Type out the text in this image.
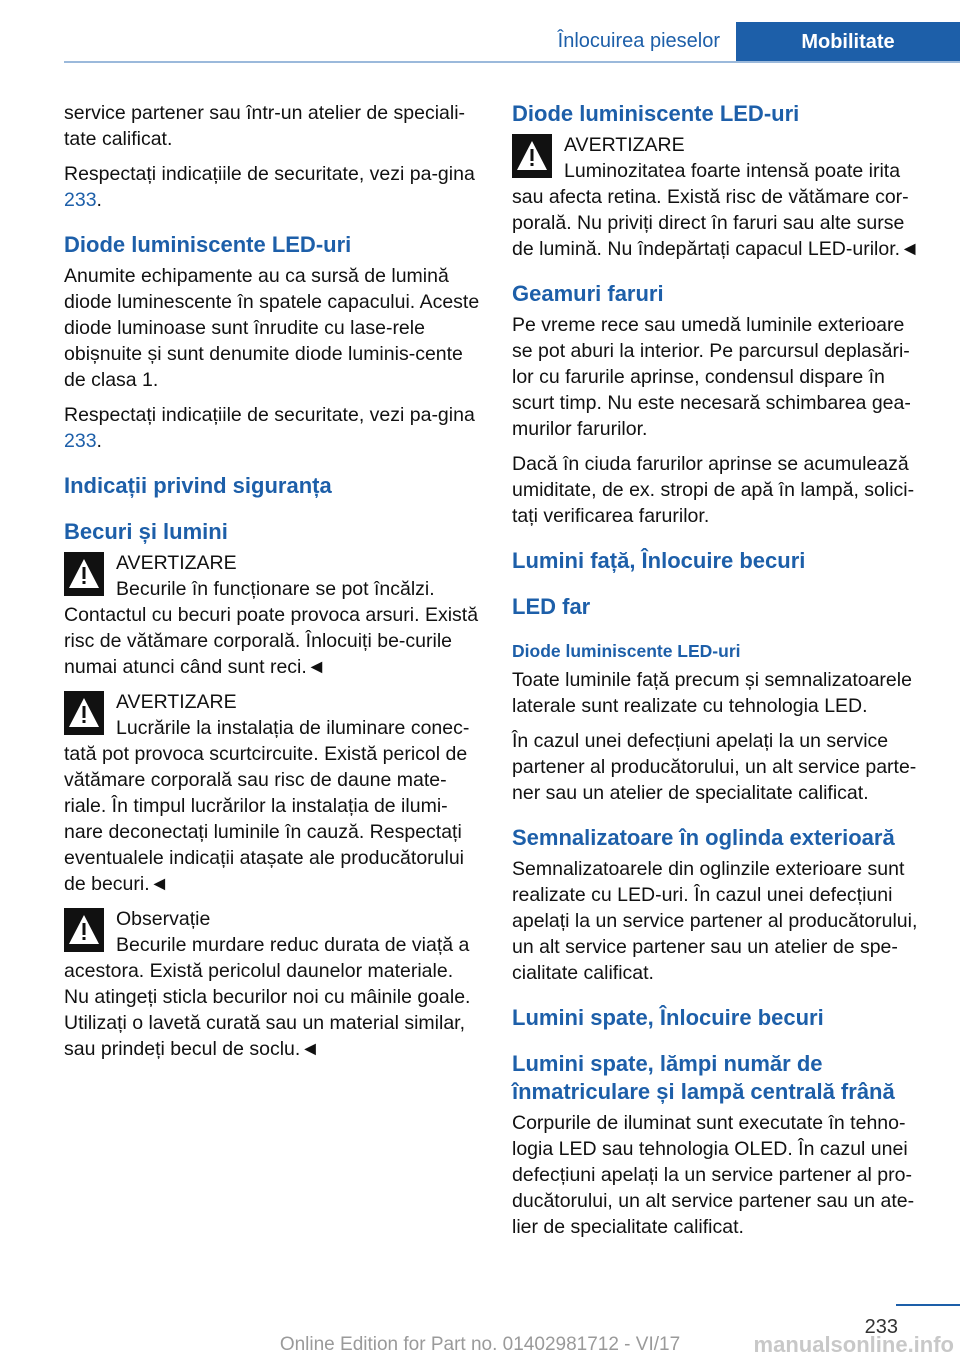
Înlocuirea pieselor	Mobilitate

service partener sau într-un atelier de speciali-tate calificat.

Respectați indicațiile de securitate, vezi pa-gina 233.

Diode luminiscente LED-uri

Anumite echipamente au ca sursă de lumină diode luminescente în spatele capacului. Aceste diode luminoase sunt înrudite cu lase-rele obișnuite și sunt denumite diode luminis-cente de clasa 1.

Respectați indicațiile de securitate, vezi pa-gina 233.

Indicații privind siguranța
Becuri și lumini
AVERTIZARE
Becurile în funcționare se pot încălzi.
Contactul cu becuri poate provoca arsuri. Există risc de vătămare corporală. Înlocuiți be-curile numai atunci când sunt reci.◄
AVERTIZARE
Lucrările la instalația de iluminare conec-
tată pot provoca scurtcircuite. Există pericol de vătămare corporală sau risc de daune mate-riale. În timpul lucrărilor la instalația de ilumi-nare deconectați luminile în cauză. Respectați eventualele indicații atașate ale producătorului de becuri.◄
Observație
Becurile murdare reduc durata de viață a
acestora. Există pericolul daunelor materiale. Nu atingeți sticla becurilor noi cu mâinile goale. Utilizați o lavetă curată sau un material similar, sau prindeți becul de soclu.◄
Diode luminiscente LED-uri
AVERTIZARE
Luminozitatea foarte intensă poate irita
sau afecta retina. Există risc de vătămare cor-porală. Nu priviți direct în faruri sau alte surse de lumină. Nu îndepărtați capacul LED-urilor.◄
Geamuri faruri

Pe vreme rece sau umedă luminile exterioare se pot aburi la interior. Pe parcursul deplasări-lor cu farurile aprinse, condensul dispare în scurt timp. Nu este necesară schimbarea gea-murilor farurilor.

Dacă în ciuda farurilor aprinse se acumulează umiditate, de ex. stropi de apă în lampă, solici-tați verificarea farurilor.

Lumini față, Înlocuire becuri
LED far
Diode luminiscente LED-uri

Toate luminile față precum și semnalizatoarele laterale sunt realizate cu tehnologia LED.

În cazul unei defecțiuni apelați la un service partener al producătorului, un alt service parte-ner sau un atelier de specialitate calificat.

Semnalizatoare în oglinda exterioară

Semnalizatoarele din oglinzile exterioare sunt realizate cu LED-uri. În cazul unei defecțiuni apelați la un service partener al producătorului, un alt service partener sau un atelier de spe-cialitate calificat.

Lumini spate, Înlocuire becuri
Lumini spate, lămpi număr de înmatriculare și lampă centrală frână

Corpurile de iluminat sunt executate în tehno-logia LED sau tehnologia OLED. În cazul unei defecțiuni apelați la un service partener al pro-ducătorului, un alt service partener sau un ate-lier de specialitate calificat.

233
Online Edition for Part no. 01402981712 - VI/17	manualsonline.info
